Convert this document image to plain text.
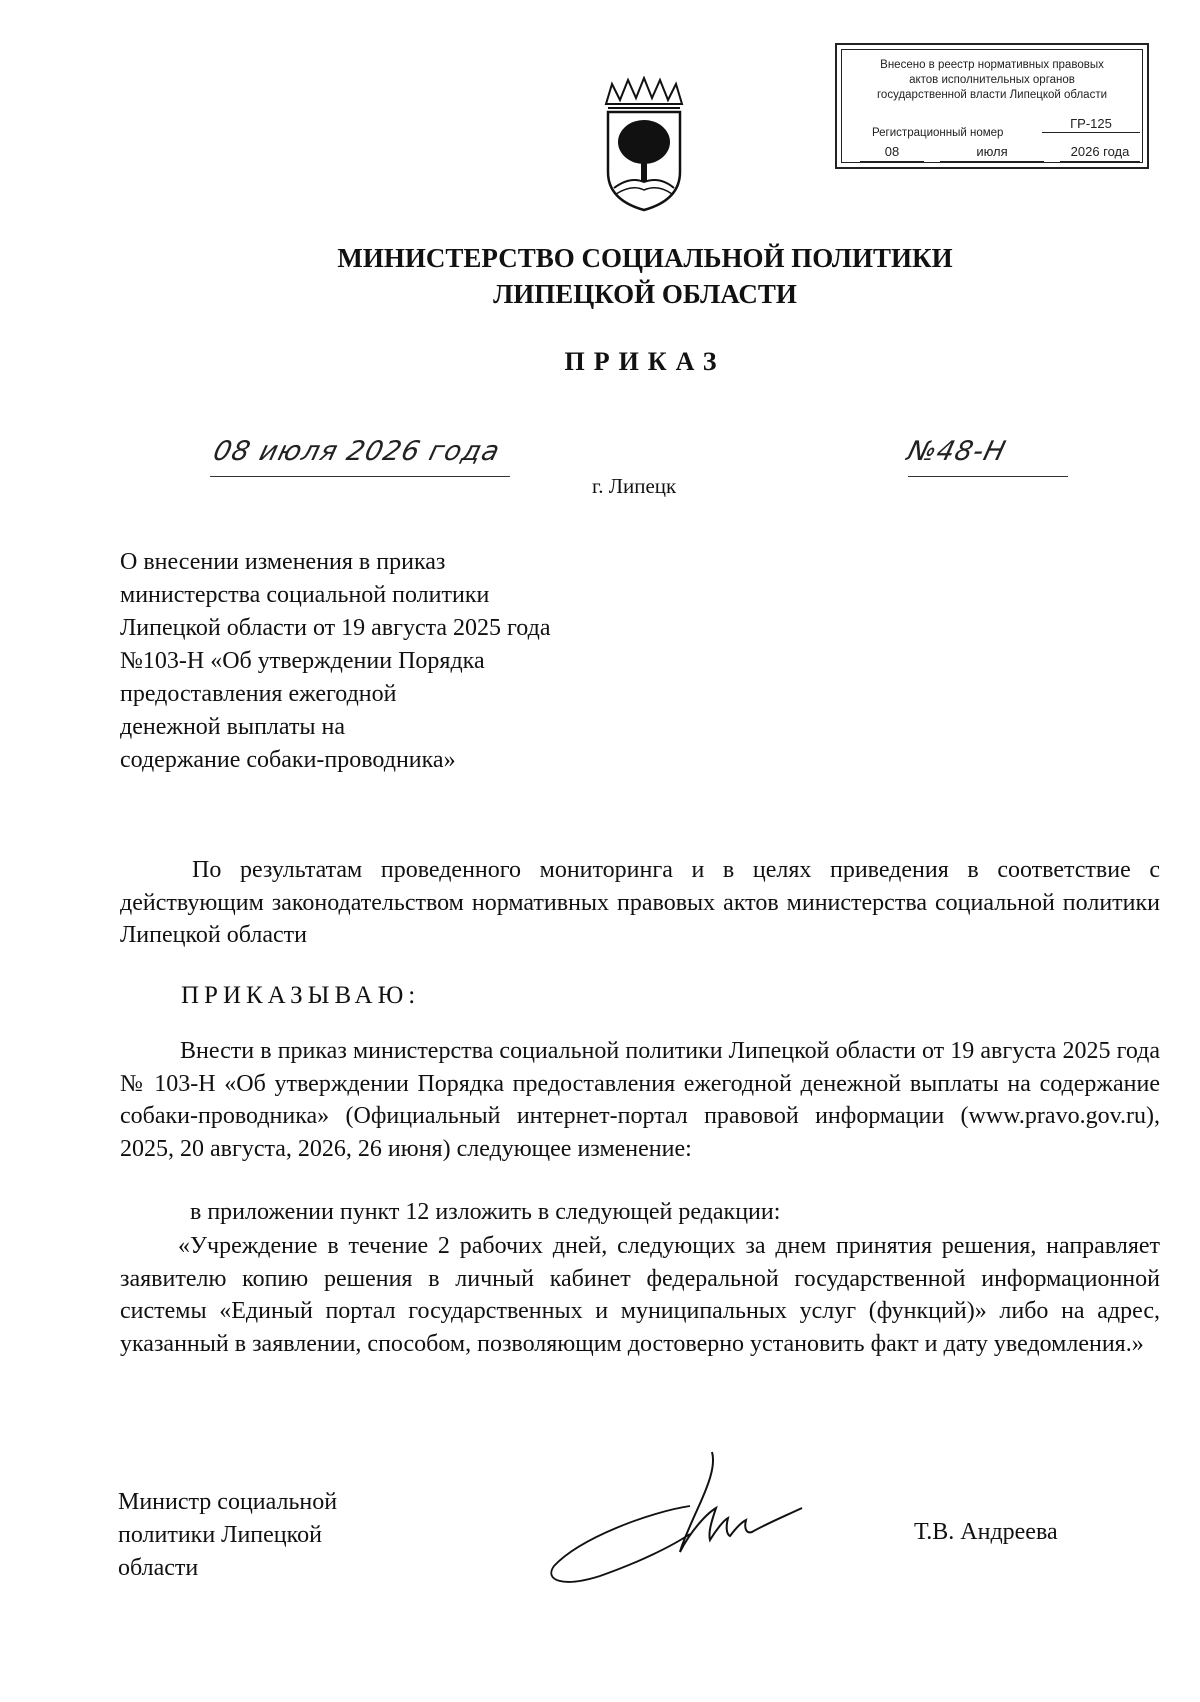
Внесено в реестр нормативных правовых
актов исполнительных органов
государственной власти Липецкой области
Регистрационный номер
ГР-125
08	июля	2026 года
МИНИСТЕРСТВО СОЦИАЛЬНОЙ ПОЛИТИКИ
ЛИПЕЦКОЙ ОБЛАСТИ
ПРИКАЗ
08 июля 2026 года	№48-Н
г. Липецк
О внесении изменения в приказ
министерства социальной политики
Липецкой области от 19 августа 2025 года
№103-Н «Об утверждении Порядка
предоставления ежегодной
денежной выплаты на
содержание собаки-проводника»
По результатам проведенного мониторинга и в целях приведения в соответствие с действующим законодательством нормативных правовых актов министерства социальной политики Липецкой области
ПРИКАЗЫВАЮ:
Внести в приказ министерства социальной политики Липецкой области от 19 августа 2025 года № 103-Н «Об утверждении Порядка предоставления ежегодной денежной выплаты на содержание собаки-проводника» (Официальный интернет-портал правовой информации (www.pravo.gov.ru), 2025, 20 августа, 2026, 26 июня) следующее изменение:
в приложении пункт 12 изложить в следующей редакции:
«Учреждение в течение 2 рабочих дней, следующих за днем принятия решения, направляет заявителю копию решения в личный кабинет федеральной государственной информационной системы «Единый портал государственных и муниципальных услуг (функций)» либо на адрес, указанный в заявлении, способом, позволяющим достоверно установить факт и дату уведомления.»
Министр социальной
политики Липецкой
области
Т.В. Андреева
